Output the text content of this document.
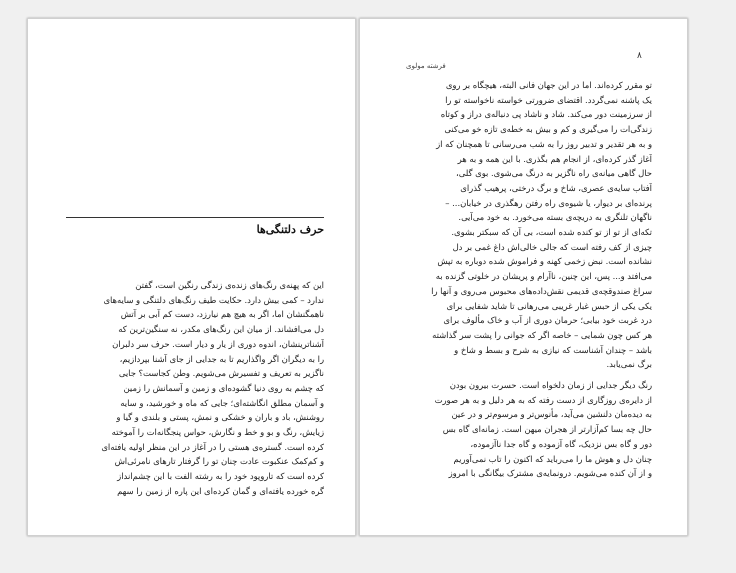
حرف دلتنگی‌ها
این که پهنه‌ی رنگ‌های زنده‌ی زندگی رنگین است، گفتن
ندارد – کمی بیش دارد. حکایت طیف رنگ‌های دلتنگی و سایه‌های
ناهمگنشان اما، اگر به هیچ هم نیارزد، دست کم آبی بر آتش
دل می‌افشاند. از میان این رنگ‌های مکدر، نه سنگین‌ترین که
آشناترینشان، اندوه دوری از یار و دیار است. حرف سر دلبران
را به دیگران اگر واگذاریم تا به جدایی از جای آشنا بپردازیم،
ناگزیر به تعریف و تفسیرش می‌شویم. وطن کجاست؟ جایی
که چشم به روی دنیا گشوده‌ای و زمین و آسمانش را زمین
و آسمان مطلق انگاشته‌ای؛ جایی که ماه و خورشید، و سایه
روشنش، باد و باران و خشکی و نمش، پستی و بلندی و گیا و
زیایش، رنگ و بو و خط و نگارش، حواس پنجگانه‌ات را آموخته
کرده است. گستره‌ی هستی را در آغاز در این منظر اولیه یافته‌ای
و کم‌کمک عنکبوت عادت چنان تو را گرفتار تارهای نامرئی‌اش
کرده است که تاروپود خود را به رشته الفت با این چشم‌انداز
گره خورده یافته‌ای و گمان کرده‌ای این پاره از زمین را سهم
۸
فرشته مولوی
تو مقرر کرده‌اند. اما در این جهان فانی البته، هیچگاه بر روی
یک پاشنه نمی‌گردد. اقتضای ضرورتی خواسته ناخواسته تو را
از سرزمینت دور می‌کند. شاد و ناشاد پی دنباله‌ی دراز و کوتاه
زندگی‌ات را می‌گیری و کم و بیش به خطه‌ی تازه خو می‌کنی
و به هر تقدیر و تدبیر روز را به شب می‌رسانی تا همچنان که از
آغاز گذر کرده‌ای، از انجام هم بگذری. با این همه و به هر
حال گاهی میانه‌ی راه ناگزیر به درنگ می‌شوی. بوی گلی،
آفتاب سایه‌ی عصری، شاخ و برگ درختی، پرهیب گذرای
پرنده‌ای بر دیوار، یا شیوه‌ی راه رفتن رهگذری در خیابان... –
ناگهان تلنگری به دریچه‌ی بسته می‌خورد. به خود می‌آیی.
تکه‌ای از تو از تو کنده شده است، بی آن که سبکتر بشوی.
چیزی از کف رفته است که جالی خالی‌اش داغ غمی بر دل
نشانده است. نبض زخمی کهنه و فراموش شده دوباره به تپش
می‌افتد و... پس، این چنین، ناآرام و پریشان در خلوتی گزنده به
سراغ صندوقچه‌ی قدیمی نقش‌داده‌های محبوس می‌روی و آنها را
یکی یکی از حبس غبار غریبی می‌رهانی تا شاید شفایی برای
درد غربت خود بیابی؛ حرمان دوری از آب و خاک مألوف برای
هر کس چون شمایی – خاصه اگر که جوانی را پشت سر گذاشته
باشد – چندان آشناست که نیازی به شرح و بسط و شاخ و
برگ نمی‌یابد.
رنگ دیگر جدایی از زمان دلخواه است. حسرت بیرون بودن
از دایره‌ی روزگاری از دست رفته که به هر دلیل و به هر صورت
به دیده‌مان دلنشین می‌آید، مأنوس‌تر و مرسوم‌تر و در عین
حال چه بسا کم‌آزارتر از هجران میهن است. زمانه‌ای گاه بس
دور و گاه بس نزدیک، گاه آزموده و گاه جدا ناآزموده،
چنان دل و هوش ما را می‌رباید که اکنون را تاب نمی‌آوریم
و از آن کنده می‌شویم. درونمایه‌ی مشترک بیگانگی با امروز
